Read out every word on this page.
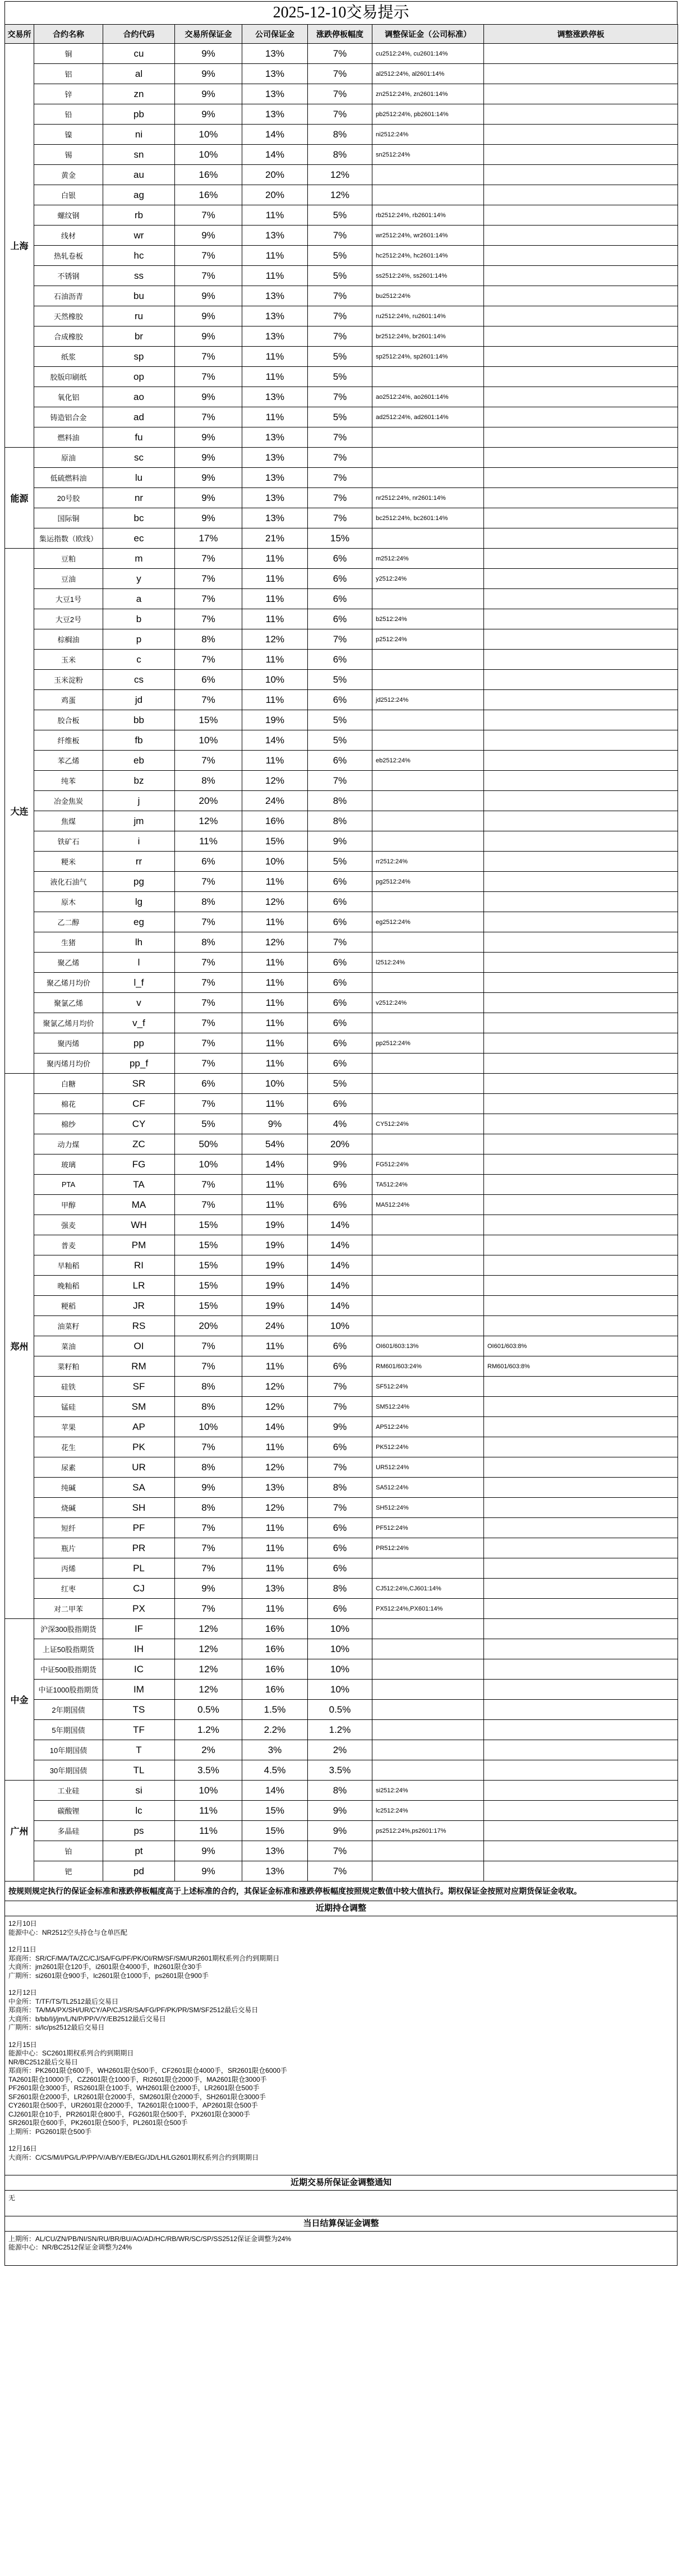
2025-12-10交易提示
交易所	合约名称	合约代码	交易所保证金	公司保证金	涨跌停板幅度	调整保证金（公司标准）	调整涨跌停板
上海	铜	cu	9%	13%	7%	cu2512:24%, cu2601:14%	
	铝	al	9%	13%	7%	al2512:24%, al2601:14%	
	锌	zn	9%	13%	7%	zn2512:24%, zn2601:14%	
	铅	pb	9%	13%	7%	pb2512:24%, pb2601:14%	
	镍	ni	10%	14%	8%	ni2512:24%	
	锡	sn	10%	14%	8%	sn2512:24%	
	黄金	au	16%	20%	12%		
	白银	ag	16%	20%	12%		
	螺纹钢	rb	7%	11%	5%	rb2512:24%, rb2601:14%	
	线材	wr	9%	13%	7%	wr2512:24%, wr2601:14%	
	热轧卷板	hc	7%	11%	5%	hc2512:24%, hc2601:14%	
	不锈钢	ss	7%	11%	5%	ss2512:24%, ss2601:14%	
	石油沥青	bu	9%	13%	7%	bu2512:24%	
	天然橡胶	ru	9%	13%	7%	ru2512:24%, ru2601:14%	
	合成橡胶	br	9%	13%	7%	br2512:24%, br2601:14%	
	纸浆	sp	7%	11%	5%	sp2512:24%, sp2601:14%	
	胶版印刷纸	op	7%	11%	5%		
	氧化铝	ao	9%	13%	7%	ao2512:24%, ao2601:14%	
	铸造铝合金	ad	7%	11%	5%	ad2512:24%, ad2601:14%	
	燃料油	fu	9%	13%	7%		
能源	原油	sc	9%	13%	7%		
	低硫燃料油	lu	9%	13%	7%		
	20号胶	nr	9%	13%	7%	nr2512:24%, nr2601:14%	
	国际铜	bc	9%	13%	7%	bc2512:24%, bc2601:14%	
	集运指数（欧线）	ec	17%	21%	15%		
大连	豆粕	m	7%	11%	6%	m2512:24%	
	豆油	y	7%	11%	6%	y2512:24%	
	大豆1号	a	7%	11%	6%		
	大豆2号	b	7%	11%	6%	b2512:24%	
	棕榈油	p	8%	12%	7%	p2512:24%	
	玉米	c	7%	11%	6%		
	玉米淀粉	cs	6%	10%	5%		
	鸡蛋	jd	7%	11%	6%	jd2512:24%	
	胶合板	bb	15%	19%	5%		
	纤维板	fb	10%	14%	5%		
	苯乙烯	eb	7%	11%	6%	eb2512:24%	
	纯苯	bz	8%	12%	7%		
	冶金焦炭	j	20%	24%	8%		
	焦煤	jm	12%	16%	8%		
	铁矿石	i	11%	15%	9%		
	粳米	rr	6%	10%	5%	rr2512:24%	
	液化石油气	pg	7%	11%	6%	pg2512:24%	
	原木	lg	8%	12%	6%		
	乙二醇	eg	7%	11%	6%	eg2512:24%	
	生猪	lh	8%	12%	7%		
	聚乙烯	l	7%	11%	6%	l2512:24%	
	聚乙烯月均价	l_f	7%	11%	6%		
	聚氯乙烯	v	7%	11%	6%	v2512:24%	
	聚氯乙烯月均价	v_f	7%	11%	6%		
	聚丙烯	pp	7%	11%	6%	pp2512:24%	
	聚丙烯月均价	pp_f	7%	11%	6%		
郑州	白糖	SR	6%	10%	5%		
	棉花	CF	7%	11%	6%		
	棉纱	CY	5%	9%	4%	CY512:24%	
	动力煤	ZC	50%	54%	20%		
	玻璃	FG	10%	14%	9%	FG512:24%	
	PTA	TA	7%	11%	6%	TA512:24%	
	甲醇	MA	7%	11%	6%	MA512:24%	
	强麦	WH	15%	19%	14%		
	普麦	PM	15%	19%	14%		
	早籼稻	RI	15%	19%	14%		
	晚籼稻	LR	15%	19%	14%		
	粳稻	JR	15%	19%	14%		
	油菜籽	RS	20%	24%	10%		
	菜油	OI	7%	11%	6%	OI601/603:13%	OI601/603:8%
	菜籽粕	RM	7%	11%	6%	RM601/603:24%	RM601/603:8%
	硅铁	SF	8%	12%	7%	SF512:24%	
	锰硅	SM	8%	12%	7%	SM512:24%	
	苹果	AP	10%	14%	9%	AP512:24%	
	花生	PK	7%	11%	6%	PK512:24%	
	尿素	UR	8%	12%	7%	UR512:24%	
	纯碱	SA	9%	13%	8%	SA512:24%	
	烧碱	SH	8%	12%	7%	SH512:24%	
	短纤	PF	7%	11%	6%	PF512:24%	
	瓶片	PR	7%	11%	6%	PR512:24%	
	丙烯	PL	7%	11%	6%		
	红枣	CJ	9%	13%	8%	CJ512:24%,CJ601:14%	
	对二甲苯	PX	7%	11%	6%	PX512:24%,PX601:14%	
中金	沪深300股指期货	IF	12%	16%	10%		
	上证50股指期货	IH	12%	16%	10%		
	中证500股指期货	IC	12%	16%	10%		
	中证1000股指期货	IM	12%	16%	10%		
	2年期国债	TS	0.5%	1.5%	0.5%		
	5年期国债	TF	1.2%	2.2%	1.2%		
	10年期国债	T	2%	3%	2%		
	30年期国债	TL	3.5%	4.5%	3.5%		
广州	工业硅	si	10%	14%	8%	si2512:24%	
	碳酸锂	lc	11%	15%	9%	lc2512:24%	
	多晶硅	ps	11%	15%	9%	ps2512:24%,ps2601:17%	
	铂	pt	9%	13%	7%		
	钯	pd	9%	13%	7%		
按规则规定执行的保证金标准和涨跌停板幅度高于上述标准的合约，其保证金标准和涨跌停板幅度按照规定数值中较大值执行。期权保证金按照对应期货保证金收取。
近期持仓调整
12月10日
能源中心：NR2512空头持仓与仓单匹配
12月11日
郑商所：SR/CF/MA/TA/ZC/CJ/SA/FG/PF/PK/OI/RM/SF/SM/UR2601期权系列合约到期期日
大商所：jm2601限仓120手，i2601限仓4000手，lh2601限仓30手
广期所：si2601限仓900手，lc2601限仓1000手，ps2601限仓900手
12月12日
中金所：T/TF/TS/TL2512最后交易日
郑商所：TA/MA/PX/SH/UR/CY/AP/CJ/SR/SA/FG/PF/PK/PR/SM/SF2512最后交易日
大商所：b/bb/l/j/jm/L/N/P/PP/V/Y/EB2512最后交易日
广期所：si/lc/ps2512最后交易日
12月15日
能源中心：SC2601期权系列合约到期期日
NR/BC2512最后交易日
郑商所：PK2601限仓600手，WH2601限仓500手，CF2601限仓4000手，SR2601限仓6000手
TA2601限仓10000手，CZ2601限仓1000手，RI2601限仓2000手，MA2601限仓3000手
PF2601限仓3000手，RS2601限仓100手，WH2601限仓2000手，LR2601限仓500手
SF2601限仓2000手，LR2601限仓2000手，SM2601限仓2000手，SH2601限仓3000手
CY2601限仓500手，UR2601限仓2000手，TA2601限仓1000手，AP2601限仓500手
CJ2601限仓10手，PR2601限仓800手，FG2601限仓500手，PX2601限仓3000手
SR2601限仓600手，PK2601限仓500手，PL2601限仓500手
上期所：PG2601限仓500手
12月16日
大商所：C/CS/M/I/PG/L/P/PP/V/A/B/Y/EB/EG/JD/LH/LG2601期权系列合约到期期日
近期交易所保证金调整通知
无
当日结算保证金调整
上期所：AL/CU/ZN/PB/NI/SN/RU/BR/BU/AO/AD/HC/RB/WR/SC/SP/SS2512保证金调整为24%
能源中心：NR/BC2512保证金调整为24%
